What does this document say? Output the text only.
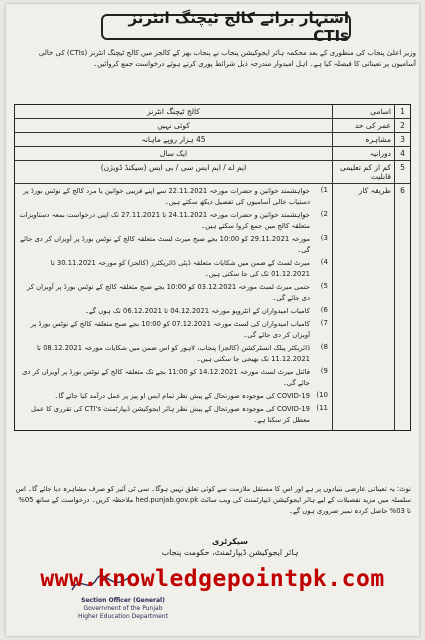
اشتہار برائے کالج ٹیچنگ انٹرنز CTIs
وزیر اعلیٰ پنجاب کی منظوری کے بعد محکمہ ہائر ایجوکیشن پنجاب نے پنجاب بھر کے کالجز میں کالج ٹیچنگ انٹرنز (CTIs) کی خالی آسامیوں پر تعیناتی کا فیصلہ کیا ہے۔ اہل امیدوار مندرجہ ذیل شرائط پوری کرتے ہوئے درخواست جمع کروائیں۔
1
اسامی
کالج ٹیچنگ انٹرنز
2
عمر کی حد
کوئی نہیں
3
مشاہرہ
45 ہزار روپے ماہانہ
4
دورانیہ
ایک سال
5
کم از کم تعلیمی قابلیت
ایم اے / ایم ایس سی / بی ایس (سیکنڈ ڈویژن)
6
طریقہ کار
1)
خواہشمند خواتین و حضرات مورخہ 22.11.2021 سے اپنے قریبی خواتین یا مرد کالج کے نوٹس بورڈ پر دستیاب خالی آسامیوں کی تفصیل دیکھ سکتے ہیں۔
2)
خواہشمند خواتین و حضرات مورخہ 24.11.2021 تا 27.11.2021 تک اپنی درخواست بمعہ دستاویزات متعلقہ کالج میں جمع کروا سکتے ہیں۔
3)
مورخہ 29.11.2021 کو 10:00 بجے صبح میرٹ لسٹ متعلقہ کالج کے نوٹس بورڈ پر آویزاں کر دی جائے گی۔
4)
میرٹ لسٹ کے ضمن میں شکایات متعلقہ ڈپٹی ڈائریکٹرز (کالجز) کو مورخہ 30.11.2021 تا 01.12.2021 تک کی جا سکتی ہیں۔
5)
حتمی میرٹ لسٹ مورخہ 03.12.2021 کو 10:00 بجے صبح متعلقہ کالج کے نوٹس بورڈ پر آویزاں کر دی جائے گی۔
6)
کامیاب امیدواران کے انٹرویو مورخہ 04.12.2021 تا 06.12.2021 تک ہوں گے۔
7)
کامیاب امیدواران کی لسٹ مورخہ 07.12.2021 کو 10:00 بجے صبح متعلقہ کالج کے نوٹس بورڈ پر آویزاں کر دی جائے گی۔
8)
ڈائریکٹر پبلک انسٹرکشن (کالجز) پنجاب، لاہور کو اس ضمن میں شکایات مورخہ 08.12.2021 تا 11.12.2021 تک بھیجی جا سکتی ہیں۔
9)
فائنل میرٹ لسٹ مورخہ 14.12.2021 کو 11:00 بجے تک متعلقہ کالج کے نوٹس بورڈ پر آویزاں کر دی جائے گی۔
10)
COVID-19 کی موجودہ صورتحال کے پیش نظر تمام ایس او پیز پر عمل درآمد کیا جائے گا۔
11)
COVID-19 کی موجودہ صورتحال کے پیش نظر ہائر ایجوکیشن ڈیپارٹمنٹ CTI's کی تقرری کا عمل معطل کر سکتا ہے۔
نوٹ: یہ تعیناتی عارضی بنیادوں پر ہے اور اس کا مستقل ملازمت سے کوئی تعلق نہیں ہوگا۔ سی ٹی آئیز کو صرف مشاہرہ دیا جائے گا۔ اس سلسلہ میں مزید تفصیلات کے لیے ہائر ایجوکیشن ڈیپارٹمنٹ کی ویب سائٹ hed.punjab.gov.pk ملاحظہ کریں۔ درخواست کے ساتھ 05% تا 03% حاصل کردہ نمبر ضروری ہوں گے۔
سیکرٹری
ہائر ایجوکیشن ڈیپارٹمنٹ، حکومت پنجاب
Section Officer (General)
Government of the Punjab
Higher Education Department
www.knowledgepointpk.com
